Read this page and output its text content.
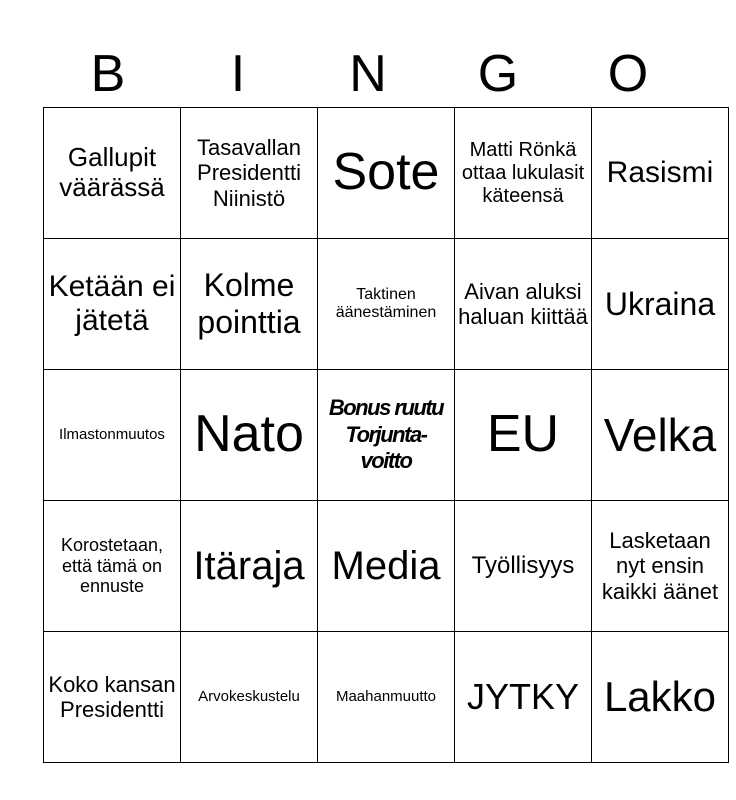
B	I	N	G	O
Gallupit väärässä	Tasavallan Presidentti Niinistö	Sote	Matti Rönkä ottaa lukulasit käteensä	Rasismi
Ketään ei jätetä	Kolme pointtia	Taktinen äänestäminen	Aivan aluksi haluan kiittää	Ukraina
Ilmastonmuutos	Nato	Bonus ruutu Torjunta-voitto	EU	Velka
Korostetaan, että tämä on ennuste	Itäraja	Media	Työllisyys	Lasketaan nyt ensin kaikki äänet
Koko kansan Presidentti	Arvokeskustelu	Maahanmuutto	JYTKY	Lakko
